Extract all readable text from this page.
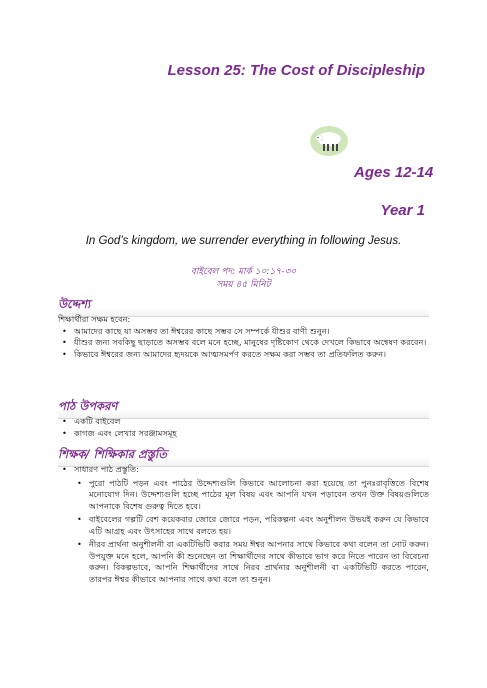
Lesson 25: The Cost of Discipleship
Ages 12-14
Year 1
In God’s kingdom, we surrender everything in following Jesus.
বাইবেল পদ: মার্ক ১০:১৭-৩০
সময় ৪৫ মিনিট
উদ্দেশ্য
শিক্ষার্থীরা সক্ষম হবেন:
• আমাদের কাছে যা অসম্ভব তা ঈশ্বরের কাছে সম্ভব সে সম্পর্কে যীশুর বাণী শুনুন।
• যীশুর জন্য সবকিছু ছাড়াতে অসম্ভব বলে মনে হচ্ছে, মানুষের দৃষ্টিকোণ থেকে দেখলে কিভাবে অন্বেষণ করবেন।
• কিভাবে ঈশ্বরের জন্য আমাদের হৃদয়কে আত্মসমর্পণ করতে সক্ষম করা সম্ভব তা প্রতিফলিত করুন।
পাঠ উপকরণ
• একটি বাইবেল
• কাগজ এবং লেখার সরঞ্জামসমূহ
শিক্ষক/ শিক্ষিকার প্রস্তুতি
• সাধারণ পাঠ প্রস্তুতি:
• পুরো পাঠটি পড়ন এবং পাঠের উদ্দেশ্যগুলি কিভাবে আলোচনা করা হয়েছে তা পুনঃরাবৃত্তিতে বিশেষ মনোযোগ দিন। উদ্দেশ্যগুলি হচ্ছে পাঠের মূল বিষয় এবং আপনি যখন পড়াবেন তখন উক্ত বিষয়গুলিতে আপনাকে বিশেষ গুরুত্ব দিতে হবে।
• বাইবেলের গল্পটি বেশ কয়েকবার জোরে জোরে পড়ন, পরিকল্পনা এবং অনুশীলন উভয়ই করুন যে কিভাবে এটি আগ্রহ এবং উৎসাহের সাথে বলতে হয়।
• নীরব প্রার্থনা অনুশীলনী বা একটিভিটি করার সময় ঈশ্বর আপনার সাথে কিভাবে কথা বলেন তা নোট করুন। উপযুক্ত মনে হলে, আপনি কী শুনেছেন তা শিক্ষার্থীদের সাথে কীভাবে ভাগ করে নিতে পারেন তা বিবেচনা করুন। বিকল্পভাবে, আপনি শিক্ষার্থীদের সাথে নিরব প্রার্থনার অনুশীলনী বা একটিভিটি করতে পারেন, তারপর ঈশ্বর কীভাবে আপনার সাথে কথা বলে তা শুনুন।
